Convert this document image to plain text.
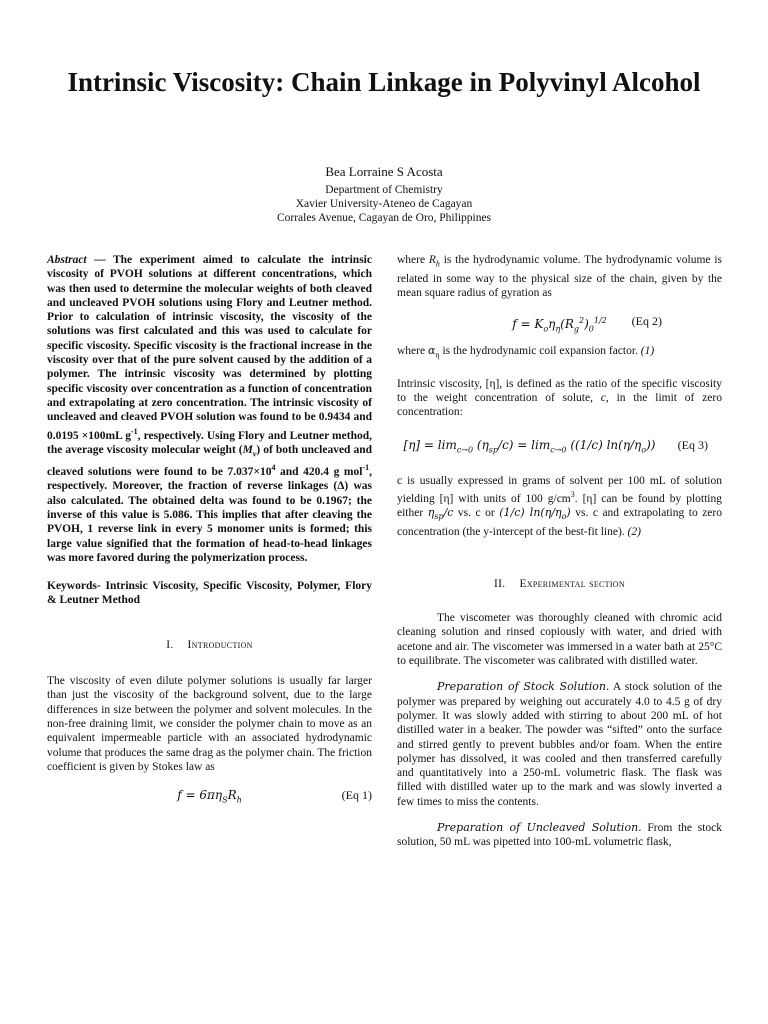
Intrinsic Viscosity: Chain Linkage in Polyvinyl Alcohol
Bea Lorraine S Acosta
Department of Chemistry
Xavier University-Ateneo de Cagayan
Corrales Avenue, Cagayan de Oro, Philippines

Abstract — The experiment aimed to calculate the intrinsic viscosity of PVOH solutions at different concentrations, which was then used to determine the molecular weights of both cleaved and uncleaved PVOH solutions using Flory and Leutner method. Prior to calculation of intrinsic viscosity, the viscosity of the solutions was first calculated and this was used to calculate for specific viscosity. Specific viscosity is the fractional increase in the viscosity over that of the pure solvent caused by the addition of a polymer. The intrinsic viscosity was determined by plotting specific viscosity over concentration as a function of concentration and extrapolating at zero concentration. The intrinsic viscosity of uncleaved and cleaved PVOH solution was found to be 0.9434 and 0.0195 ×100mL $g^{-1}$, respectively. Using Flory and Leutner method, the average viscosity molecular weight $(M_v)$ of both uncleaved and cleaved solutions were found to be $7.037\times 10^4$ and 420.4 g mol$^{-1}$, respectively. Moreover, the fraction of reverse linkages (Δ) was also calculated. The obtained delta was found to be 0.1967; the inverse of this value is 5.086. This implies that after cleaving the PVOH, 1 reverse link in every 5 monomer units is formed; this large value signified that the formation of head-to-head linkages was more favored during the polymerization process.

Keywords- Intrinsic Viscosity, Specific Viscosity, Polymer, Flory & Leutner Method

I. Introduction

The viscosity of even dilute polymer solutions is usually far larger than just the viscosity of the background solvent, due to the large differences in size between the polymer and solvent molecules. In the non-free draining limit, we consider the polymer chain to move as an equivalent impermeable particle with an associated hydrodynamic volume that produces the same drag as the polymer chain. The friction coefficient is given by Stokes law as

$f = 6\pi\eta_SR_h$	(Eq 1)

where $R_h$ is the hydrodynamic volume. The hydrodynamic volume is related in some way to the physical size of the chain, given by the mean square radius of gyration as

$f = K_o\eta_\eta(R_g^2)_0^{1/2}$	(Eq 2)

where $\alpha_\eta$ is the hydrodynamic coil expansion factor. (1)

Intrinsic viscosity, [η], is defined as the ratio of the specific viscosity to the weight concentration of solute, c, in the limit of zero concentration:

$[\eta] = \lim_{c\to 0} (\eta_{sp}/c) = \lim_{c\to 0} ((1/c)$ $\ln(\eta/\eta_o)$)	(Eq 3)

c is usually expressed in grams of solvent per 100 mL of solution yielding [η] with units of 100 $g/cm^3$. [η] can be found by plotting either $\eta_{sp}/c$ vs. c or (1/c) $\ln(\eta/\eta_o)$ vs. c and extrapolating to zero concentration (the y-intercept of the best-fit line). (2)

II. Experimental section

The viscometer was thoroughly cleaned with chromic acid cleaning solution and rinsed copiously with water, and dried with acetone and air. The viscometer was immersed in a water bath at 25°C to equilibrate. The viscometer was calibrated with distilled water.

Preparation of Stock Solution. A stock solution of the polymer was prepared by weighing out accurately 4.0 to 4.5 g of dry polymer. It was slowly added with stirring to about 200 mL of hot distilled water in a beaker. The powder was “sifted” onto the surface and stirred gently to prevent bubbles and/or foam. When the entire polymer has dissolved, it was cooled and then transferred carefully and quantitatively into a 250-mL volumetric flask. The flask was filled with distilled water up to the mark and was slowly inverted a few times to miss the contents.

Preparation of Uncleaved Solution. From the stock solution, 50 mL was pipetted into 100-mL volumetric flask,
